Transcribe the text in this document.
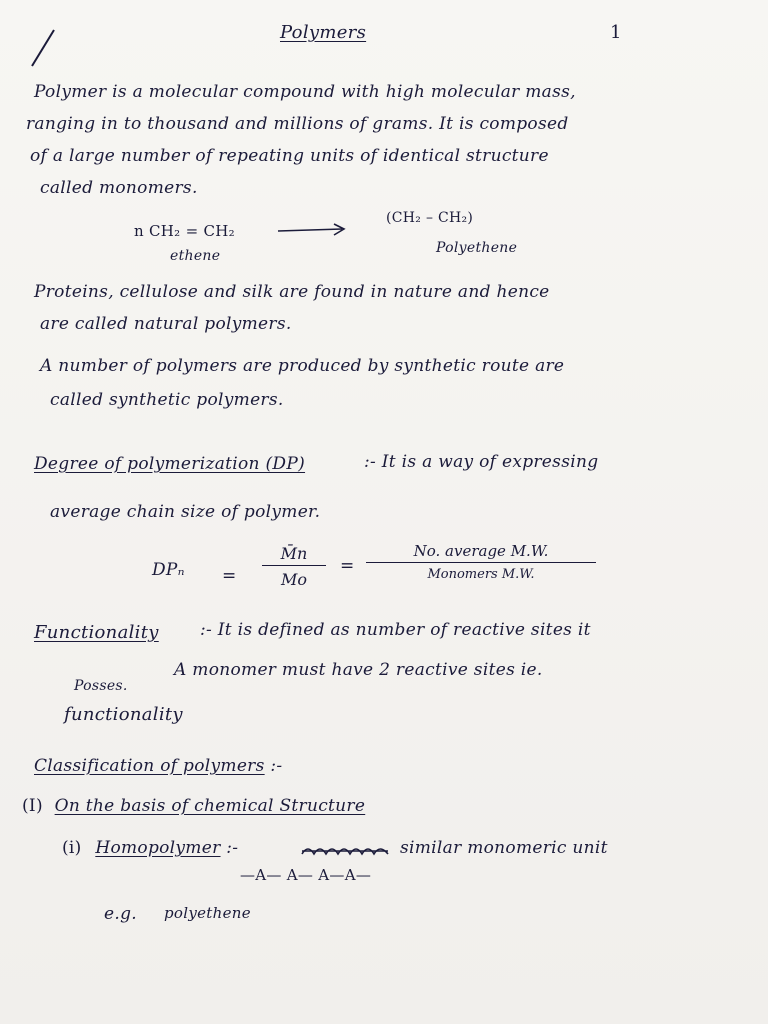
Polymers	1
Polymer is a molecular compound with high molecular mass,
ranging in to thousand and millions of grams. It is composed
of a large number of repeating units of identical structure
called monomers.
n CH₂ = CH₂
ethene
(CH₂ – CH₂)
Polyethene
Proteins, cellulose and silk are found in nature and hence
are called natural polymers.
A number of polymers are produced by synthetic route are
called synthetic polymers.
Degree of polymerization (DP)	:- It is a way of expressing
average chain size of polymer.
$DP_n = \frac{M̄n}{Mo}$ =
No. average M.W.
Monomers M.W.
Functionality :- It is defined as number of reactive sites it
Posses.
A monomer must have 2 reactive sites ie.
functionality
Classification of polymers :-
(I) On the basis of chemical Structure
(i) Homopolymer :-	similar monomeric unit
—A— A— A—A—
e.g. polyethene
